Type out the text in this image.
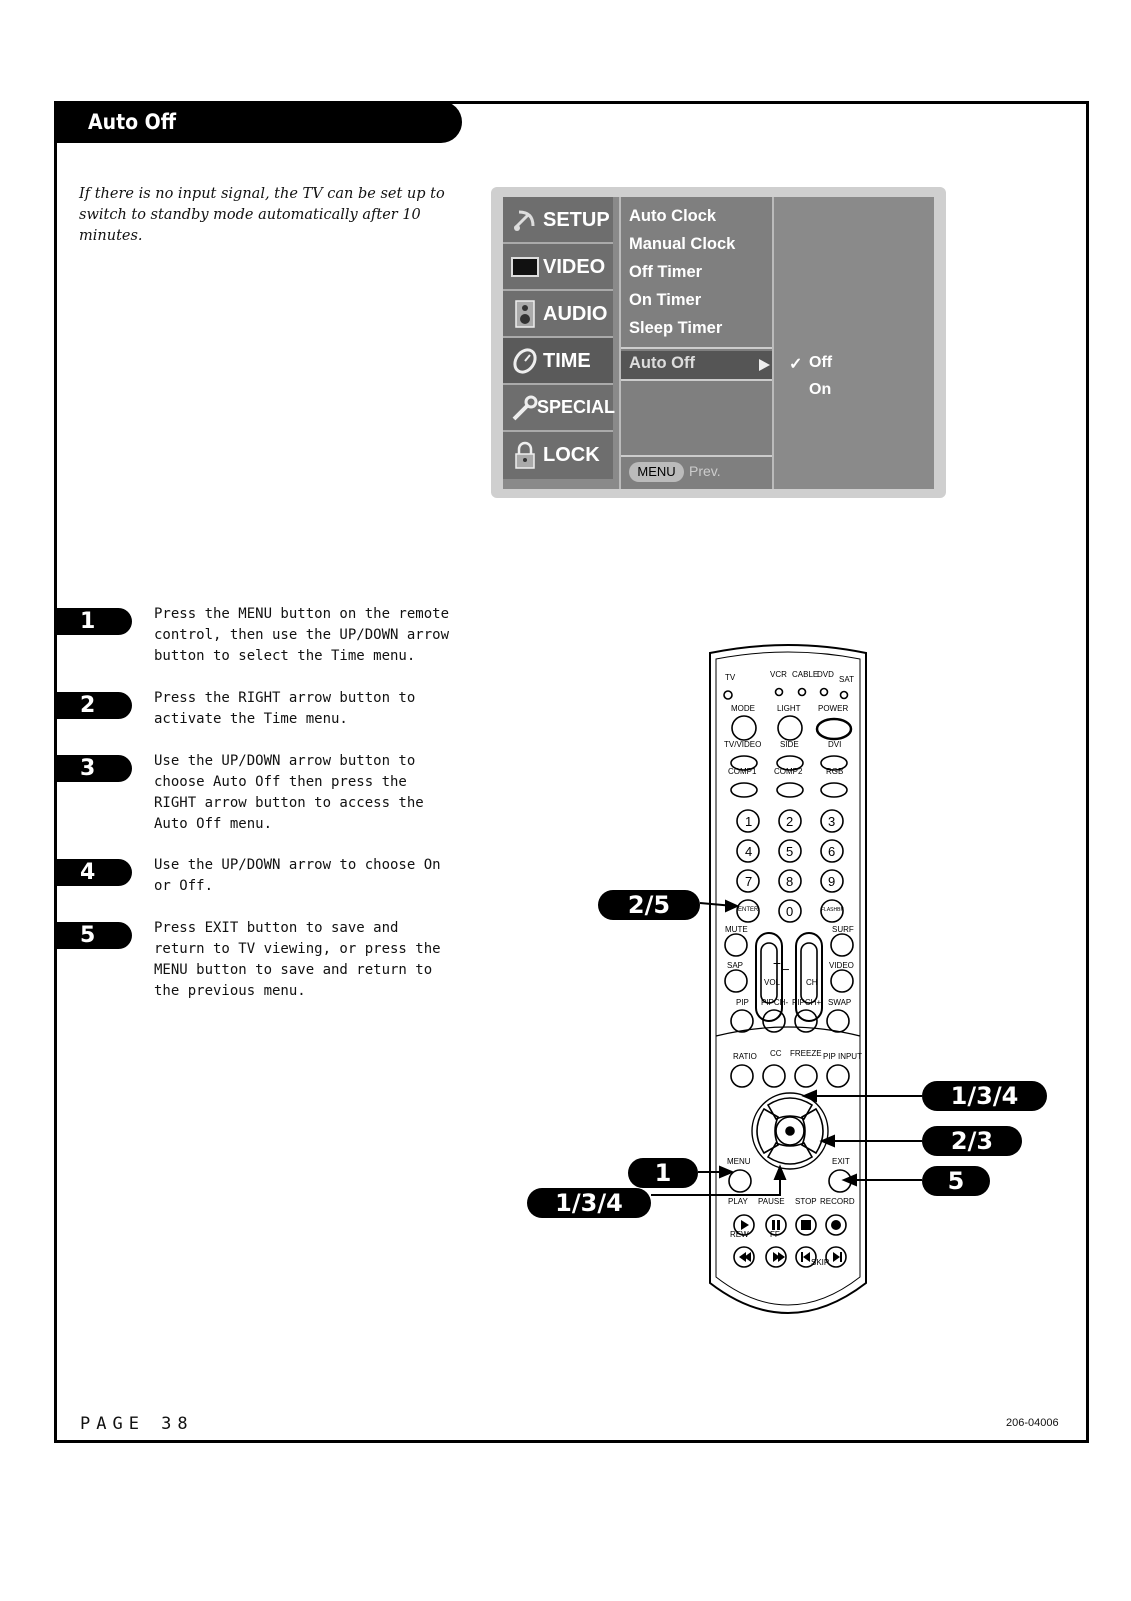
Auto Off
If there is no input signal, the TV can be set up to switch to standby mode automatically after 10 minutes.
SETUP
VIDEO
AUDIO
TIME
SPECIAL
LOCK
Auto Clock
Manual Clock
Off Timer
On Timer
Sleep Timer
Auto Off
MENU Prev.
✓ Off
On
1	Press the MENU button on the remote control, then use the UP/DOWN arrow button to select the Time menu.
2	Press the RIGHT arrow button to activate the Time menu.
3	Use the UP/DOWN arrow button to choose Auto Off then press the RIGHT arrow button to access the Auto Off menu.
4	Use the UP/DOWN arrow to choose On or Off.
5	Press EXIT button to save and return to TV viewing, or press the MENU button to save and return to the previous menu.
+
TV	VCR CABLE
DVD
SAT
MODE	LIGHT POWER
TV/VIDEO SIDE	DVI
COMP1 COMP2	RGB
1	2	3
4	5	6
7	8	9
ENTER 0	FLASHBK
MUTE	SURF
SAP	VIDEO
VOL	CH
−
PIP PIPCH- PIPCH+ SWAP
RATIO CC FREEZE PIP INPUT
MENU	EXIT
PLAY PAUSE STOP RECORD
REW	FF
SKIP
2/5
1/3/4
2/3
5
1
1/3/4
PAGE 38	206-04006
